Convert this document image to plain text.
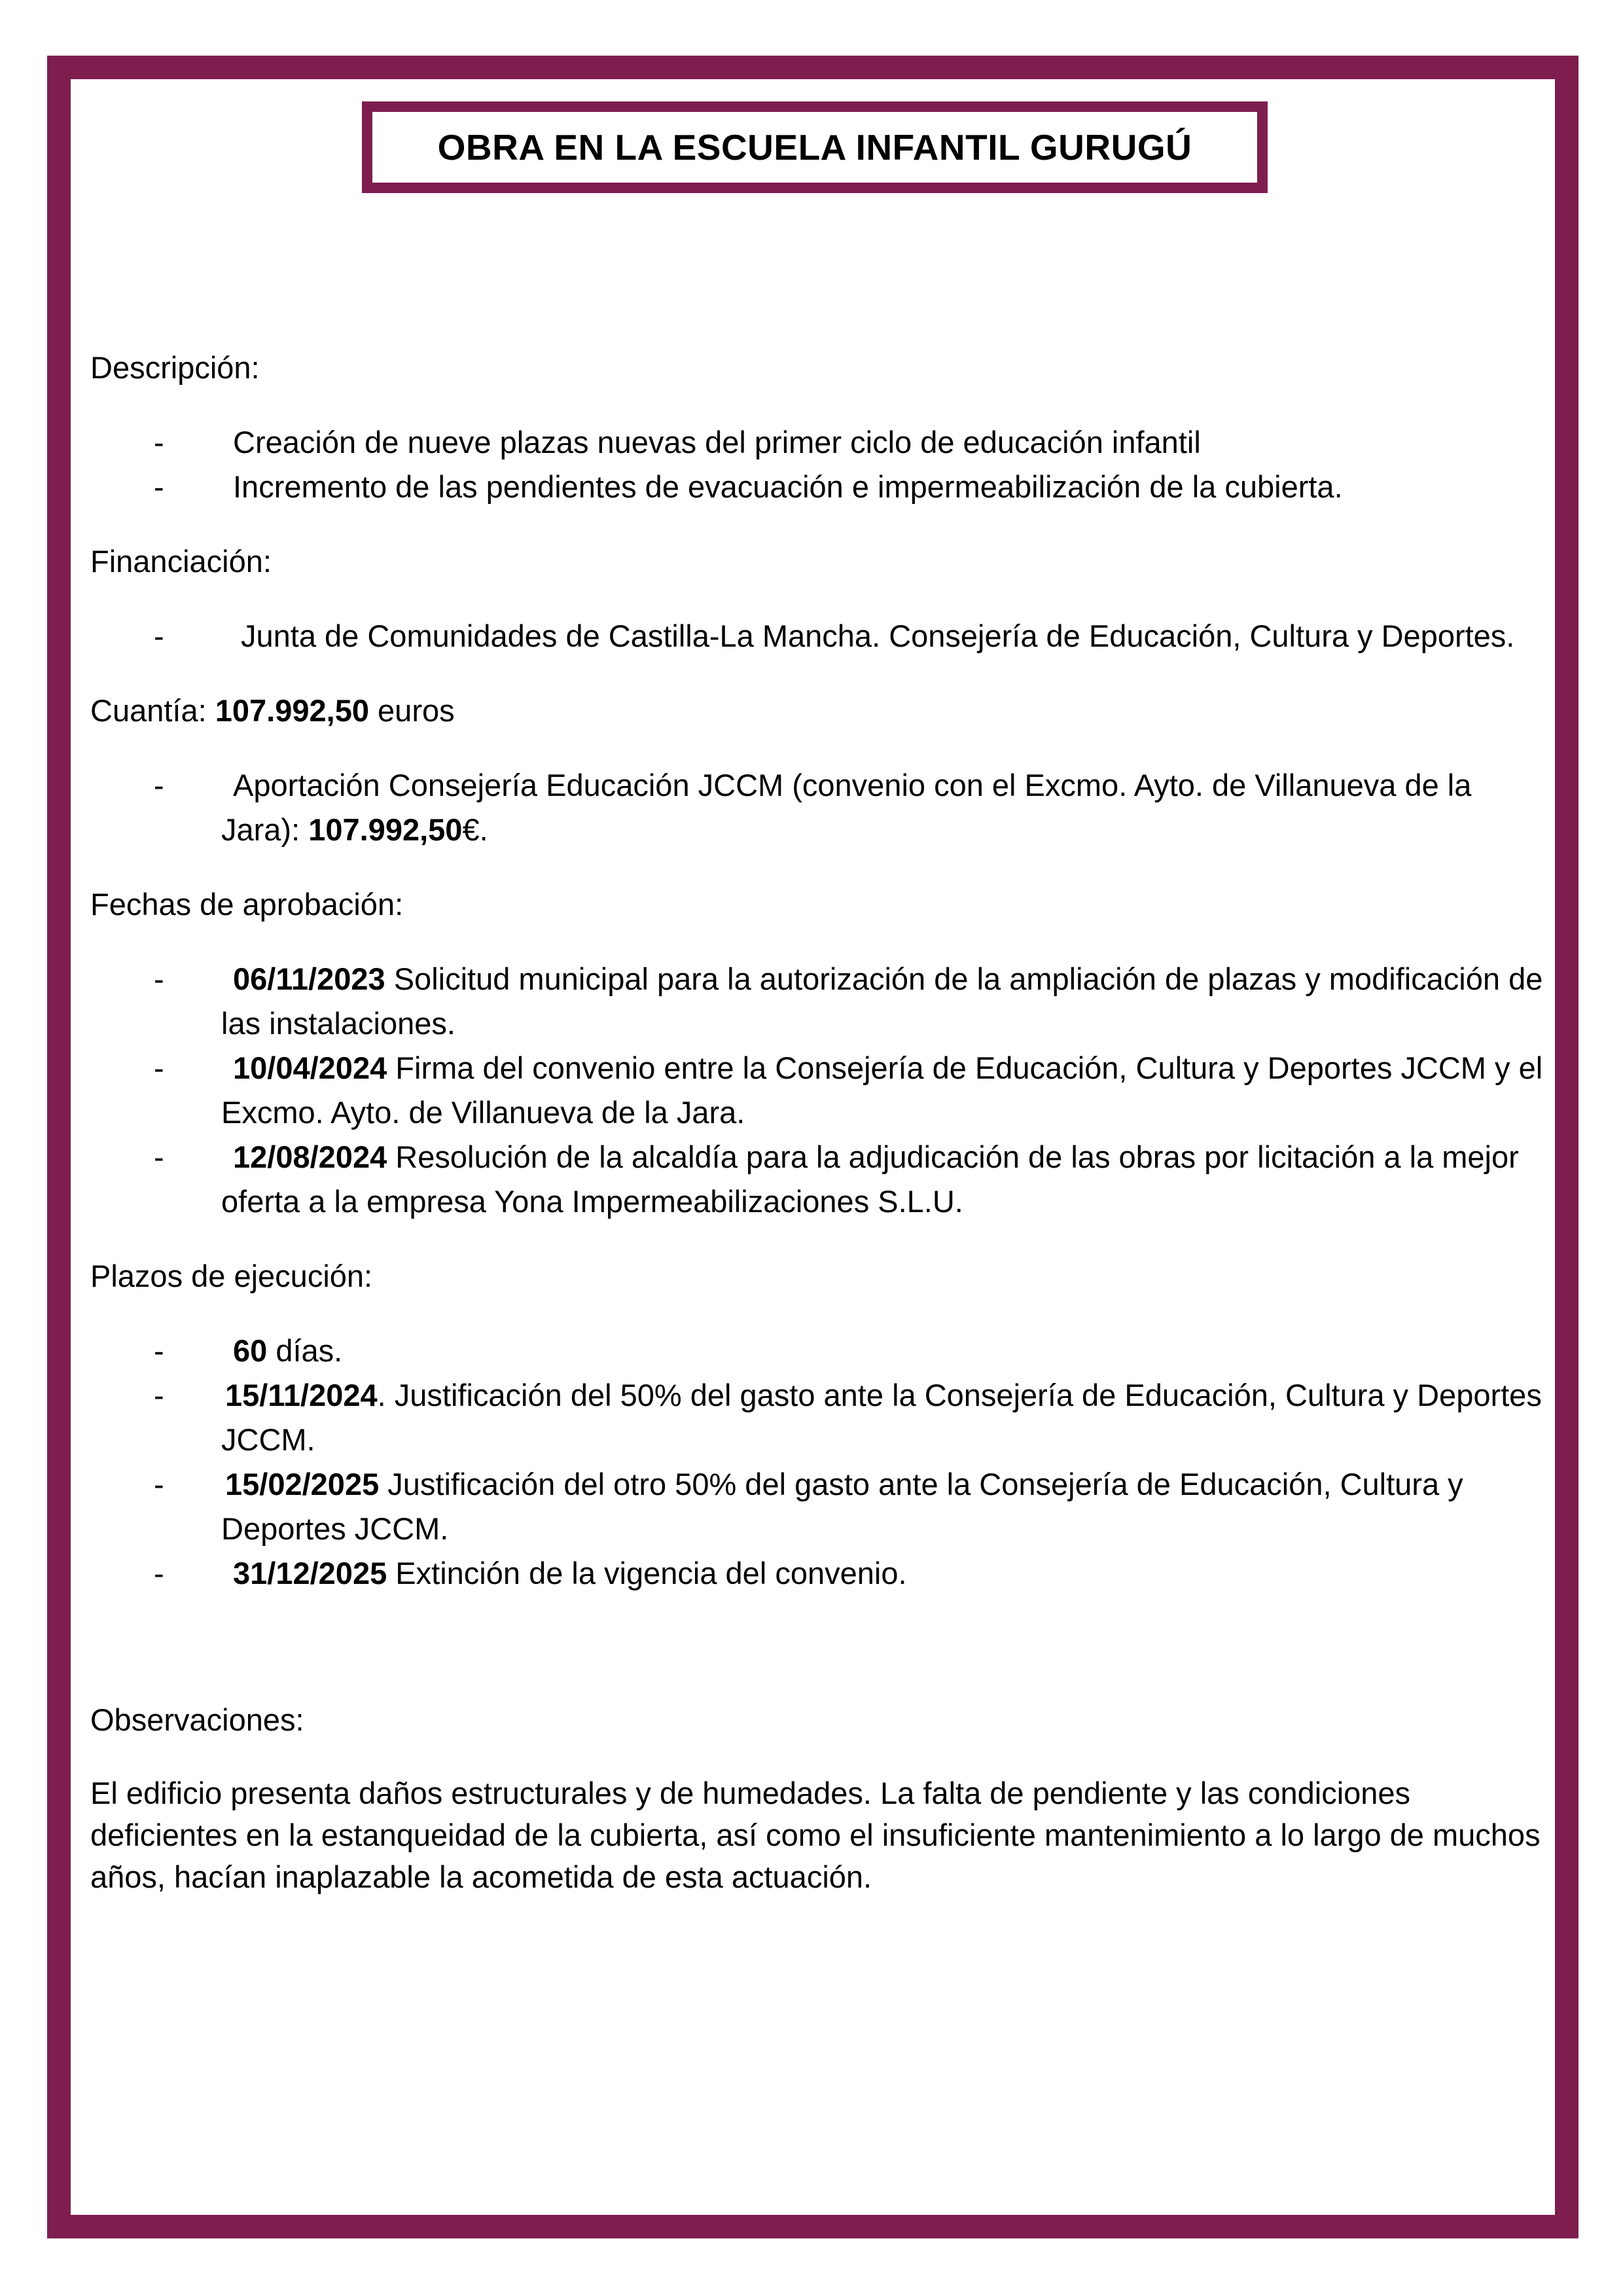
OBRA EN LA ESCUELA INFANTIL GURUGÚ
Descripción:
- Creación de nueve plazas nuevas del primer ciclo de educación infantil
- Incremento de las pendientes de evacuación e impermeabilización de la cubierta.
Financiación:
- Junta de Comunidades de Castilla-La Mancha. Consejería de Educación, Cultura y Deportes.
Cuantía: 107.992,50 euros
- Aportación Consejería Educación JCCM (convenio con el Excmo. Ayto. de Villanueva de la Jara): 107.992,50€.
Fechas de aprobación:
- 06/11/2023 Solicitud municipal para la autorización de la ampliación de plazas y modificación de las instalaciones.
- 10/04/2024 Firma del convenio entre la Consejería de Educación, Cultura y Deportes JCCM y el Excmo. Ayto. de Villanueva de la Jara.
- 12/08/2024 Resolución de la alcaldía para la adjudicación de las obras por licitación a la mejor oferta a la empresa Yona Impermeabilizaciones S.L.U.
Plazos de ejecución:
- 60 días.
- 15/11/2024. Justificación del 50% del gasto ante la Consejería de Educación, Cultura y Deportes JCCM.
- 15/02/2025 Justificación del otro 50% del gasto ante la Consejería de Educación, Cultura y Deportes JCCM.
- 31/12/2025 Extinción de la vigencia del convenio.
Observaciones:
El edificio presenta daños estructurales y de humedades. La falta de pendiente y las condiciones deficientes en la estanqueidad de la cubierta, así como el insuficiente mantenimiento a lo largo de muchos años, hacían inaplazable la acometida de esta actuación.
